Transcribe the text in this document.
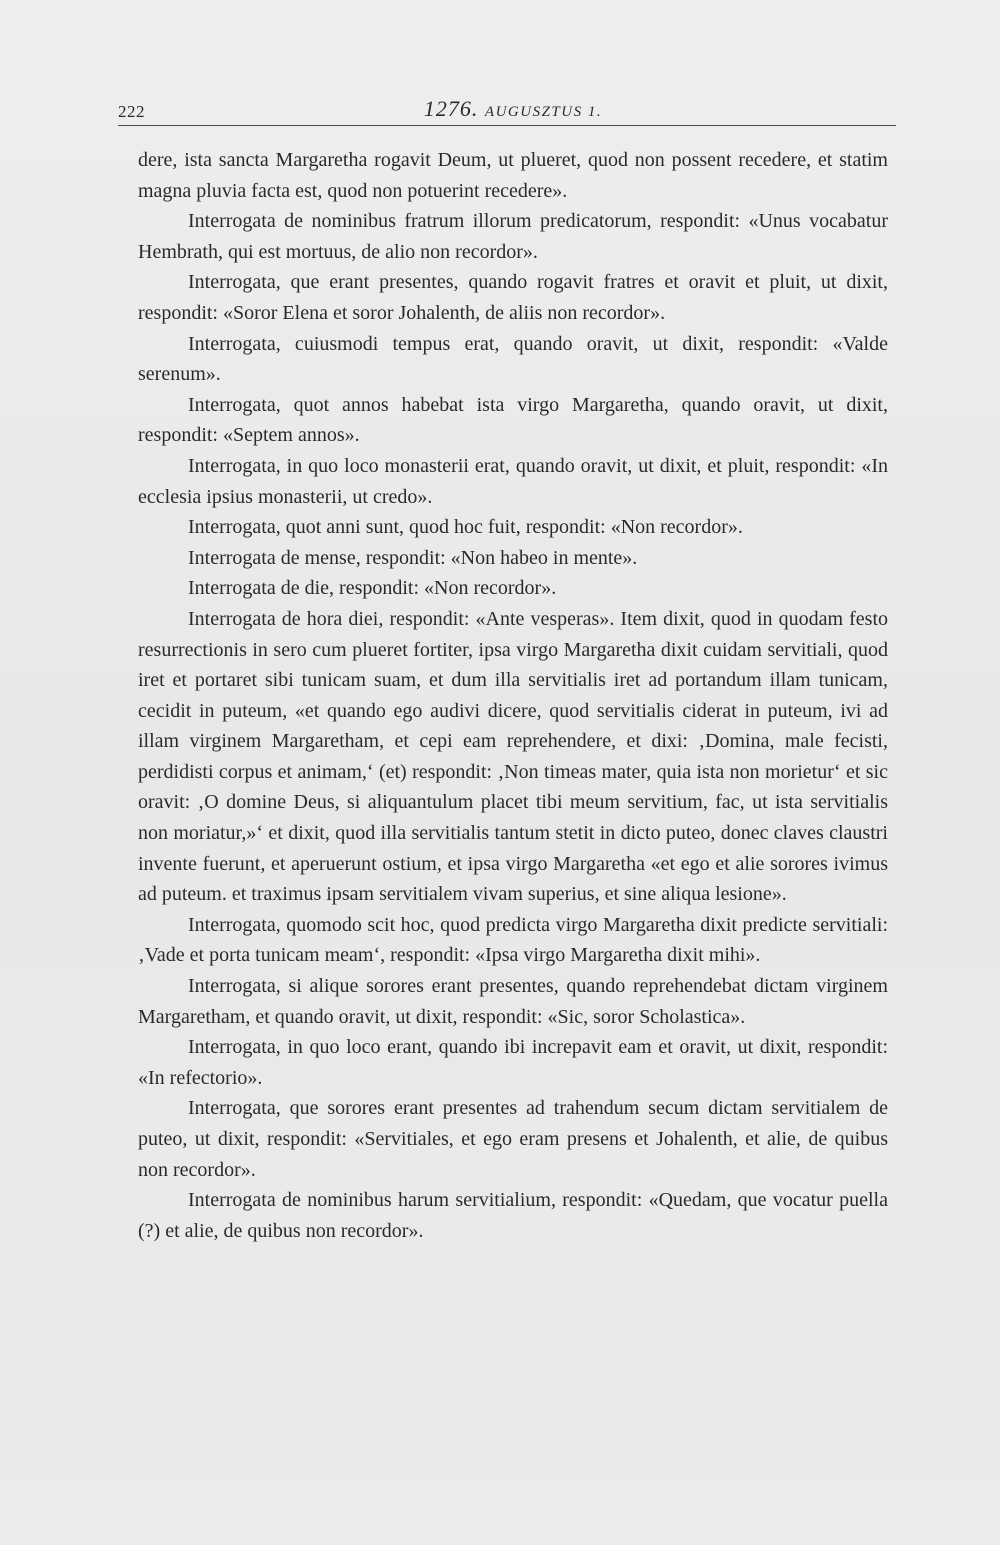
222	1276. AUGUSZTUS 1.

dere, ista sancta Margaretha rogavit Deum, ut plueret, quod non possent recedere, et statim magna pluvia facta est, quod non potuerint recedere».

Interrogata de nominibus fratrum illorum predicatorum, respondit: «Unus vocabatur Hembrath, qui est mortuus, de alio non recordor».

Interrogata, que erant presentes, quando rogavit fratres et oravit et pluit, ut dixit, respondit: «Soror Elena et soror Johalenth, de aliis non recordor».

Interrogata, cuiusmodi tempus erat, quando oravit, ut dixit, respondit: «Valde serenum».

Interrogata, quot annos habebat ista virgo Margaretha, quando oravit, ut dixit, respondit: «Septem annos».

Interrogata, in quo loco monasterii erat, quando oravit, ut dixit, et pluit, respondit: «In ecclesia ipsius monasterii, ut credo».

Interrogata, quot anni sunt, quod hoc fuit, respondit: «Non recordor».

Interrogata de mense, respondit: «Non habeo in mente».

Interrogata de die, respondit: «Non recordor».

Interrogata de hora diei, respondit: «Ante vesperas». Item dixit, quod in quodam festo resurrectionis in sero cum plueret fortiter, ipsa virgo Margaretha dixit cuidam servitiali, quod iret et portaret sibi tunicam suam, et dum illa servitialis iret ad portandum illam tunicam, cecidit in puteum, «et quando ego audivi dicere, quod servitialis ciderat in puteum, ivi ad illam virginem Margaretham, et cepi eam reprehendere, et dixi: ‚Domina, male fecisti, perdidisti corpus et animam,‘ (et) respondit: ‚Non timeas mater, quia ista non morietur‘ et sic oravit: ‚O domine Deus, si aliquantulum placet tibi meum servitium, fac, ut ista servitialis non moriatur,»‘ et dixit, quod illa servitialis tantum stetit in dicto puteo, donec claves claustri invente fuerunt, et aperuerunt ostium, et ipsa virgo Margaretha «et ego et alie sorores ivimus ad puteum. et traximus ipsam servitialem vivam superius, et sine aliqua lesione».

Interrogata, quomodo scit hoc, quod predicta virgo Margaretha dixit predicte servitiali: ‚Vade et porta tunicam meam‘, respondit: «Ipsa virgo Margaretha dixit mihi».

Interrogata, si alique sorores erant presentes, quando reprehendebat dictam virginem Margaretham, et quando oravit, ut dixit, respondit: «Sic, soror Scholastica».

Interrogata, in quo loco erant, quando ibi increpavit eam et oravit, ut dixit, respondit: «In refectorio».

Interrogata, que sorores erant presentes ad trahendum secum dictam servitialem de puteo, ut dixit, respondit: «Servitiales, et ego eram presens et Johalenth, et alie, de quibus non recordor».

Interrogata de nominibus harum servitialium, respondit: «Quedam, que vocatur puella (?) et alie, de quibus non recordor».
